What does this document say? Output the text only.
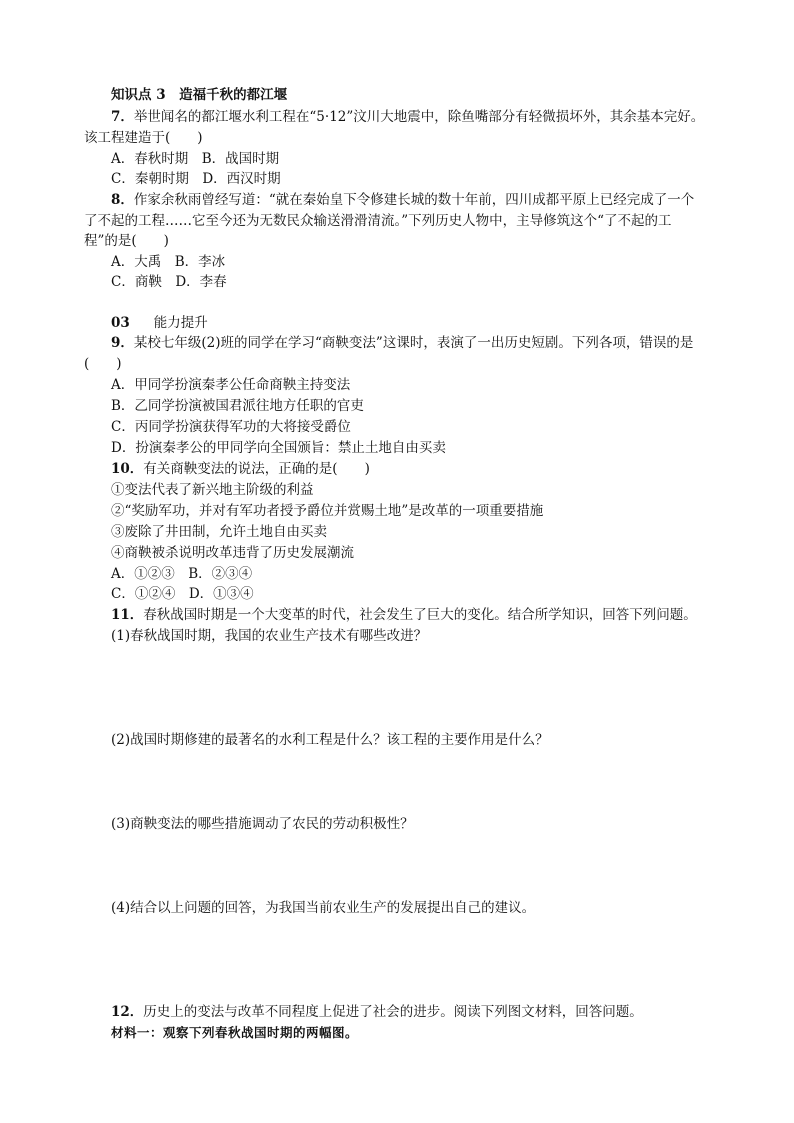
知识点 3　造福千秋的都江堰
7．举世闻名的都江堰水利工程在“5·12”汶川大地震中，除鱼嘴部分有轻微损坏外，其余基本完好。
该工程建造于(　　)
A．春秋时期　B．战国时期
C．秦朝时期　D．西汉时期
8．作家余秋雨曾经写道：“就在秦始皇下令修建长城的数十年前，四川成都平原上已经完成了一个
了不起的工程……它至今还为无数民众输送滑滑清流。”下列历史人物中，主导修筑这个“了不起的工
程”的是(　　)
A．大禹　B．李冰
C．商鞅　D．李春
03 能力提升
9．某校七年级(2)班的同学在学习“商鞅变法”这课时，表演了一出历史短剧。下列各项，错误的是
(　　)
A．甲同学扮演秦孝公任命商鞅主持变法
B．乙同学扮演被国君派往地方任职的官吏
C．丙同学扮演获得军功的大将接受爵位
D．扮演秦孝公的甲同学向全国颁旨：禁止土地自由买卖
10．有关商鞅变法的说法，正确的是(　　)
①变法代表了新兴地主阶级的利益
②“奖励军功，并对有军功者授予爵位并赏赐土地”是改革的一项重要措施
③废除了井田制，允许土地自由买卖
④商鞅被杀说明改革违背了历史发展潮流
A．①②③　B．②③④
C．①②④　D．①③④
11．春秋战国时期是一个大变革的时代，社会发生了巨大的变化。结合所学知识，回答下列问题。
(1)春秋战国时期，我国的农业生产技术有哪些改进？
(2)战国时期修建的最著名的水利工程是什么？该工程的主要作用是什么？
(3)商鞅变法的哪些措施调动了农民的劳动积极性？
(4)结合以上问题的回答，为我国当前农业生产的发展提出自己的建议。
12．历史上的变法与改革不同程度上促进了社会的进步。阅读下列图文材料，回答问题。
材料一：观察下列春秋战国时期的两幅图。
